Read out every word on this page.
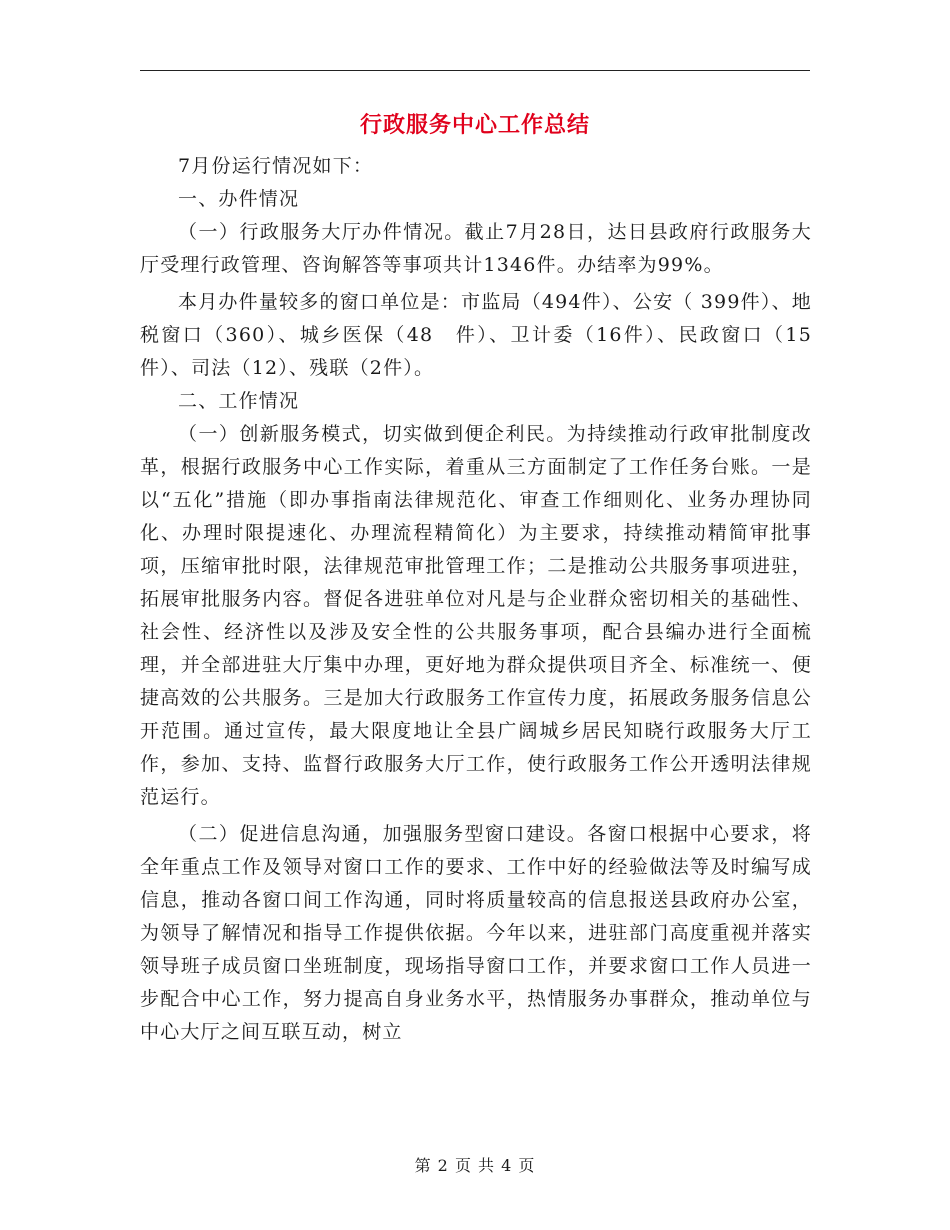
行政服务中心工作总结

7月份运行情况如下：

一、办件情况

（一）行政服务大厅办件情况。截止7月28日，达日县政府行政服务大厅受理行政管理、咨询解答等事项共计1346件。办结率为99%。

本月办件量较多的窗口单位是：市监局（494件）、公安（ 399件）、地税窗口（360）、城乡医保（48　件）、卫计委（16件）、民政窗口（15件）、司法（12）、残联（2件）。

二、工作情况

（一）创新服务模式，切实做到便企利民。为持续推动行政审批制度改革，根据行政服务中心工作实际，着重从三方面制定了工作任务台账。一是以“五化”措施（即办事指南法律规范化、审查工作细则化、业务办理协同化、办理时限提速化、办理流程精简化）为主要求，持续推动精简审批事项，压缩审批时限，法律规范审批管理工作；二是推动公共服务事项进驻，拓展审批服务内容。督促各进驻单位对凡是与企业群众密切相关的基础性、社会性、经济性以及涉及安全性的公共服务事项，配合县编办进行全面梳理，并全部进驻大厅集中办理，更好地为群众提供项目齐全、标准统一、便捷高效的公共服务。三是加大行政服务工作宣传力度，拓展政务服务信息公开范围。通过宣传，最大限度地让全县广阔城乡居民知晓行政服务大厅工作，参加、支持、监督行政服务大厅工作，使行政服务工作公开透明法律规范运行。

（二）促进信息沟通，加强服务型窗口建设。各窗口根据中心要求，将全年重点工作及领导对窗口工作的要求、工作中好的经验做法等及时编写成信息，推动各窗口间工作沟通，同时将质量较高的信息报送县政府办公室，为领导了解情况和指导工作提供依据。今年以来，进驻部门高度重视并落实领导班子成员窗口坐班制度，现场指导窗口工作，并要求窗口工作人员进一步配合中心工作，努力提高自身业务水平，热情服务办事群众，推动单位与中心大厅之间互联互动，树立

第 2 页 共 4 页
